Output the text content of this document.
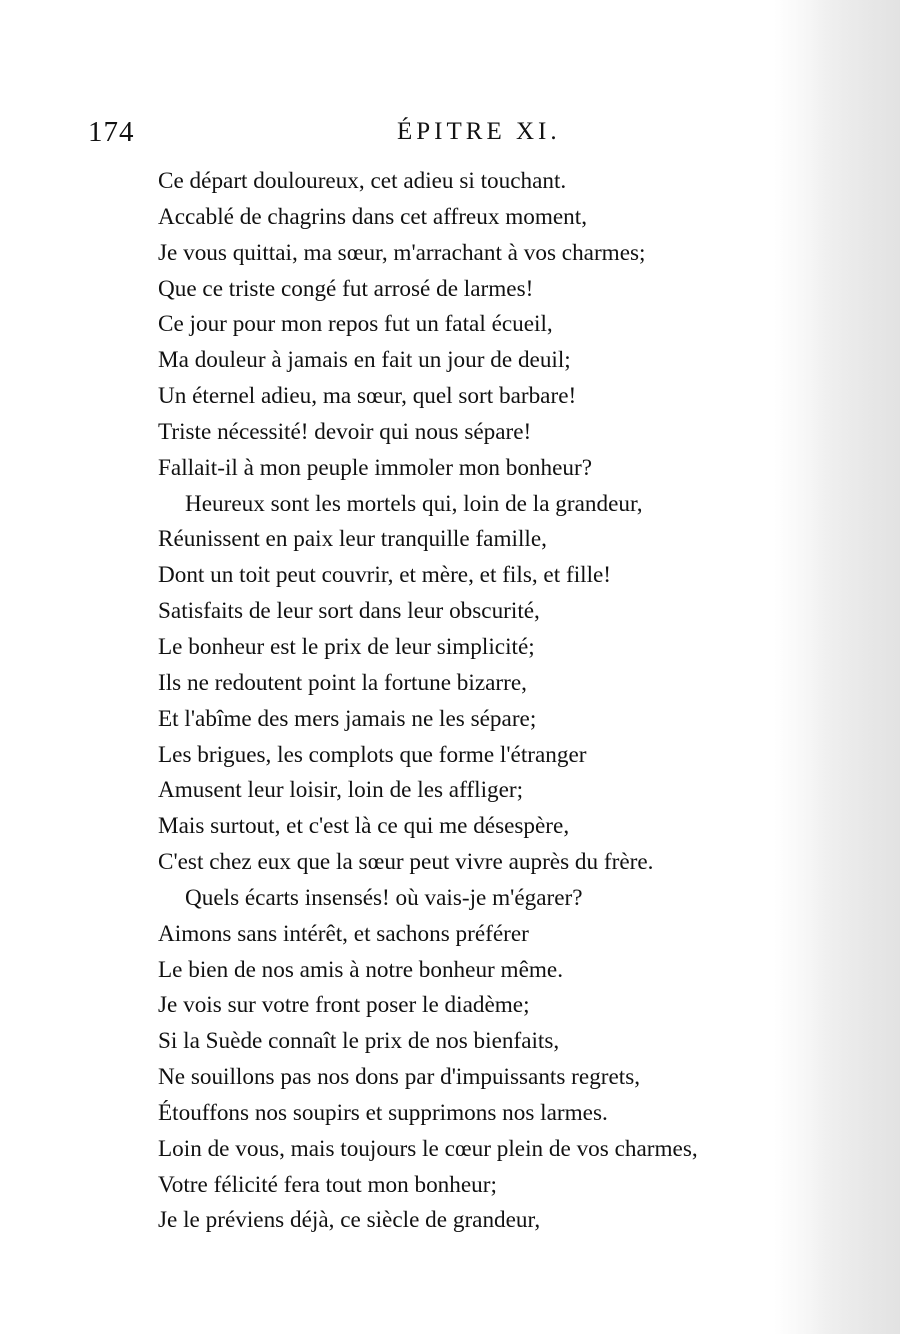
174	ÉPITRE XI.
Ce départ douloureux, cet adieu si touchant.
Accablé de chagrins dans cet affreux moment,
Je vous quittai, ma sœur, m'arrachant à vos charmes;
Que ce triste congé fut arrosé de larmes!
Ce jour pour mon repos fut un fatal écueil,
Ma douleur à jamais en fait un jour de deuil;
Un éternel adieu, ma sœur, quel sort barbare!
Triste nécessité! devoir qui nous sépare!
Fallait-il à mon peuple immoler mon bonheur?
Heureux sont les mortels qui, loin de la grandeur,
Réunissent en paix leur tranquille famille,
Dont un toit peut couvrir, et mère, et fils, et fille!
Satisfaits de leur sort dans leur obscurité,
Le bonheur est le prix de leur simplicité;
Ils ne redoutent point la fortune bizarre,
Et l'abîme des mers jamais ne les sépare;
Les brigues, les complots que forme l'étranger
Amusent leur loisir, loin de les affliger;
Mais surtout, et c'est là ce qui me désespère,
C'est chez eux que la sœur peut vivre auprès du frère.
Quels écarts insensés! où vais-je m'égarer?
Aimons sans intérêt, et sachons préférer
Le bien de nos amis à notre bonheur même.
Je vois sur votre front poser le diadème;
Si la Suède connaît le prix de nos bienfaits,
Ne souillons pas nos dons par d'impuissants regrets,
Étouffons nos soupirs et supprimons nos larmes.
Loin de vous, mais toujours le cœur plein de vos charmes,
Votre félicité fera tout mon bonheur;
Je le préviens déjà, ce siècle de grandeur,
